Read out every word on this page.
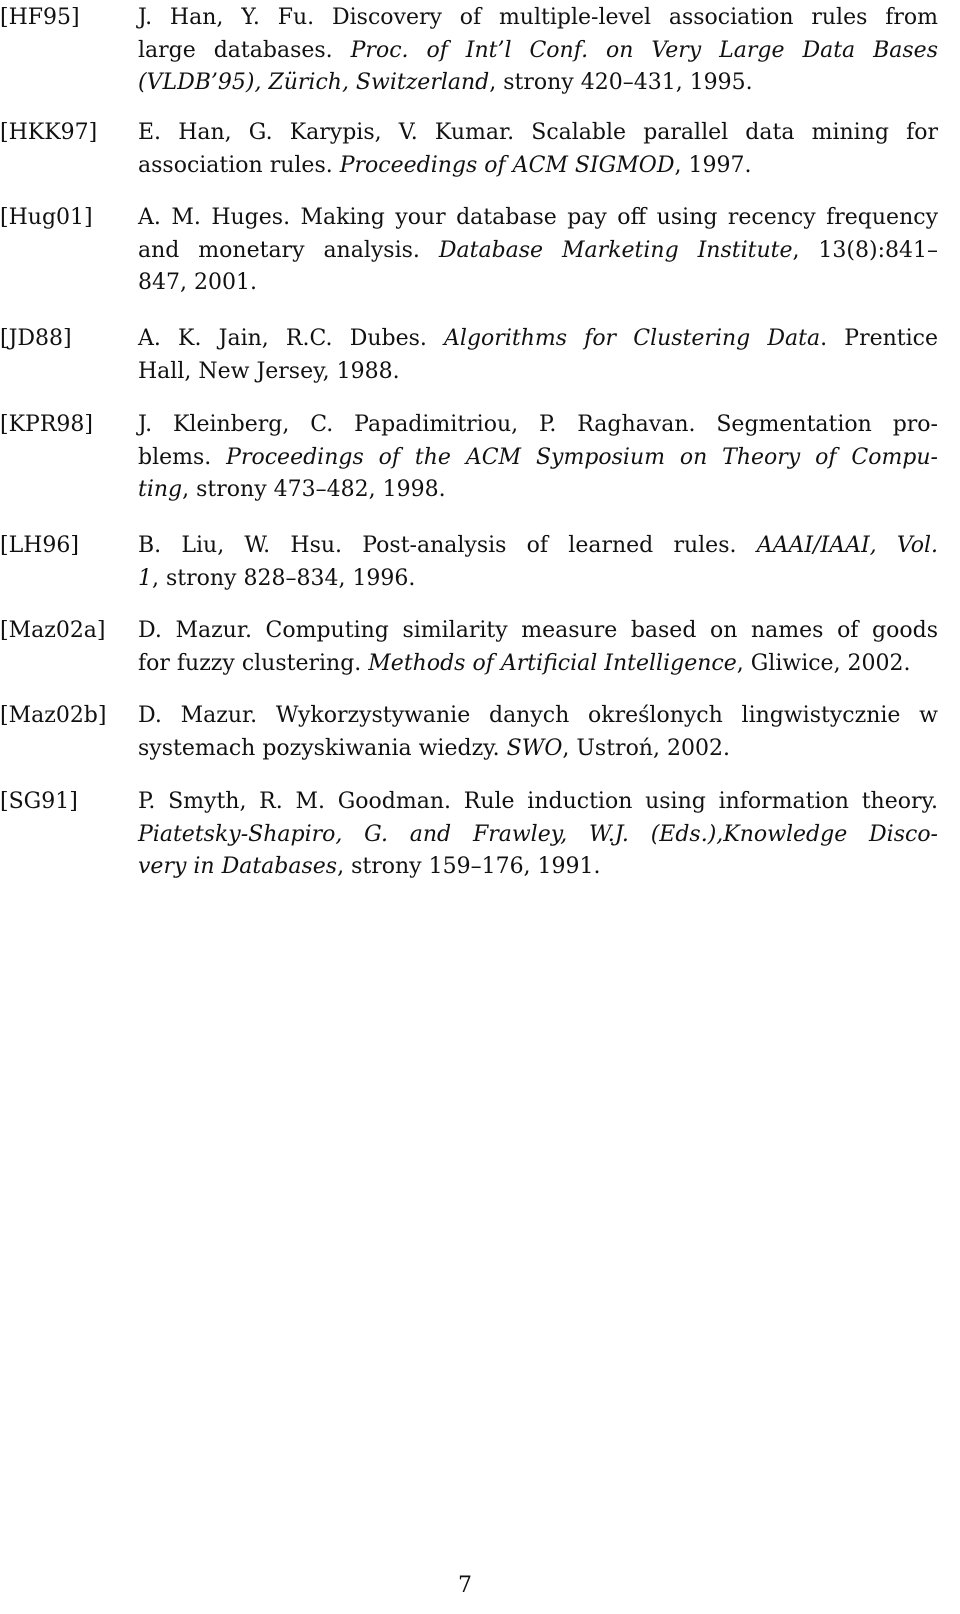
[HF95]	J. Han, Y. Fu. Discovery of multiple-level association rules from
large databases. Proc. of Int’l Conf. on Very Large Data Bases
(VLDB’95), Zürich, Switzerland, strony 420–431, 1995.
[HKK97] E. Han, G. Karypis, V. Kumar. Scalable parallel data mining for
association rules. Proceedings of ACM SIGMOD, 1997.
[Hug01] A. M. Huges. Making your database pay off using recency frequency
and monetary analysis. Database Marketing Institute, 13(8):841–
847, 2001.
[JD88]	A. K. Jain, R.C. Dubes. Algorithms for Clustering Data. Prentice
Hall, New Jersey, 1988.
[KPR98] J. Kleinberg, C. Papadimitriou, P. Raghavan. Segmentation pro-
blems. Proceedings of the ACM Symposium on Theory of Compu-
ting, strony 473–482, 1998.
[LH96]	B. Liu, W. Hsu. Post-analysis of learned rules. AAAI/IAAI, Vol.
1, strony 828–834, 1996.
[Maz02a] D. Mazur. Computing similarity measure based on names of goods
for fuzzy clustering. Methods of Artificial Intelligence, Gliwice, 2002.
[Maz02b] D. Mazur. Wykorzystywanie danych określonych lingwistycznie w
systemach pozyskiwania wiedzy. SWO, Ustroń, 2002.
[SG91]	P. Smyth, R. M. Goodman. Rule induction using information theory.
Piatetsky-Shapiro, G. and Frawley, W.J. (Eds.),Knowledge Disco-
very in Databases, strony 159–176, 1991.
7
